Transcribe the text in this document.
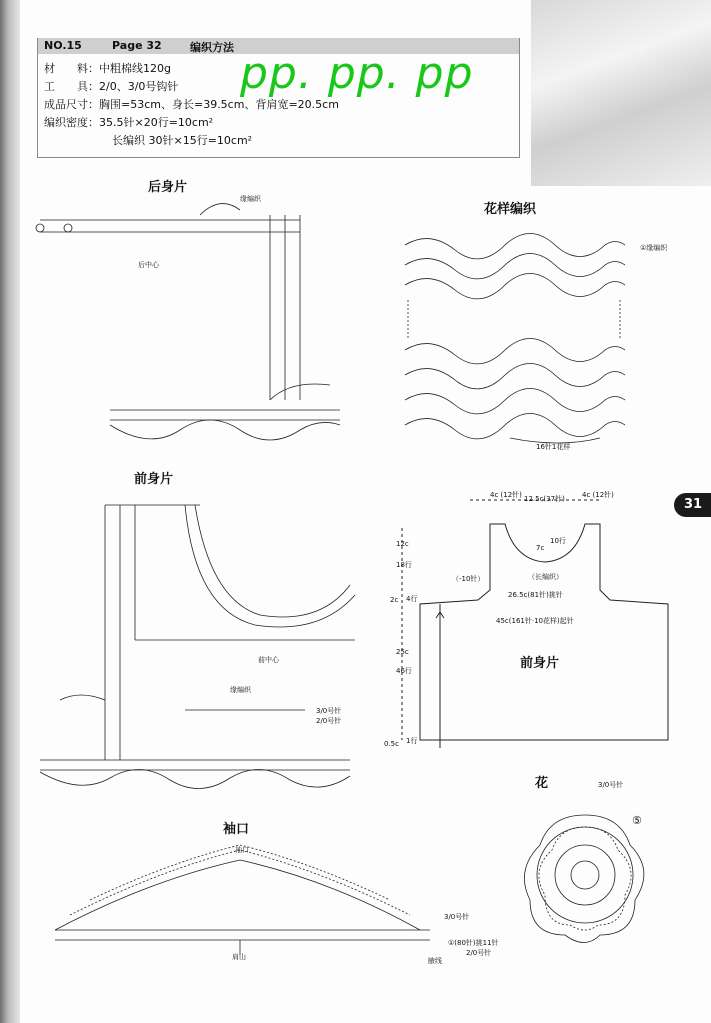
NO.15	Page 32	编织方法
材　　料：中粗棉线120g
工　　具：2/0、3/0号钩针
成品尺寸：胸围=53cm、身长=39.5cm、背肩宽=20.5cm
编织密度：35.5针×20行=10cm²
长编织 30针×15行=10cm²
pp. pp. pp
31
后身片
花样编织
前身片
袖口
花
缘编织
后中心
①缘编织
16针1花样
前中心
缘编织
3/0号针
2/0号针
4c (12针) 12.5c(37针) 4c (12针)
7c
10行
12c
18行
（-10针）	（长编织）
2c 4行	26.5c(81针)挑针
45c(161针·10花样)起针
25c
46行
0.5c 1行
前身片
3/0号针
⑤
袖口
肩山	腋线
3/0号针
①(80针)挑11针
2/0号针
